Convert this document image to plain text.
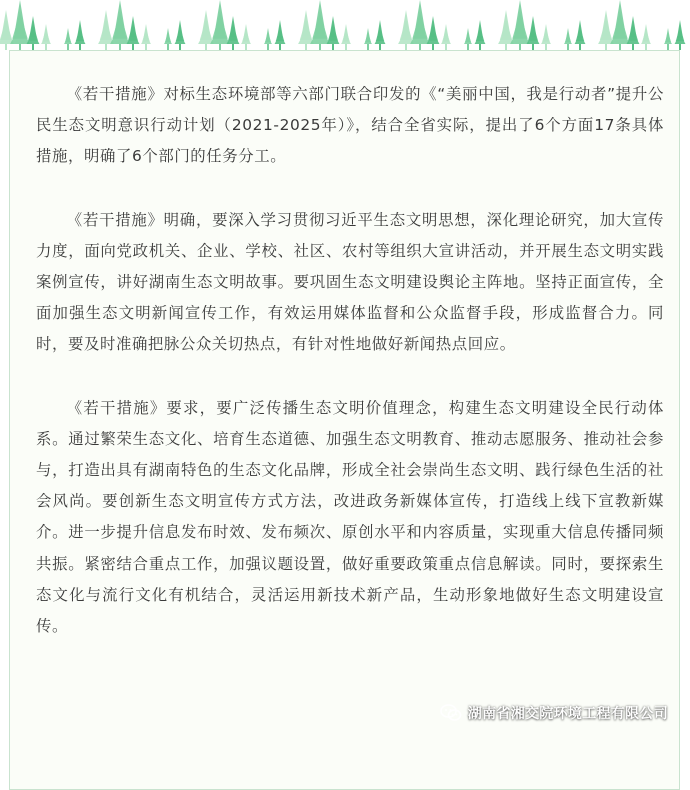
《若干措施》对标生态环境部等六部门联合印发的《“美丽中国，我是行动者”提升公民生态文明意识行动计划（2021-2025年）》，结合全省实际，提出了6个方面17条具体措施，明确了6个部门的任务分工。

《若干措施》明确，要深入学习贯彻习近平生态文明思想，深化理论研究，加大宣传力度，面向党政机关、企业、学校、社区、农村等组织大宣讲活动，并开展生态文明实践案例宣传，讲好湖南生态文明故事。要巩固生态文明建设舆论主阵地。坚持正面宣传，全面加强生态文明新闻宣传工作，有效运用媒体监督和公众监督手段，形成监督合力。同时，要及时准确把脉公众关切热点，有针对性地做好新闻热点回应。

《若干措施》要求，要广泛传播生态文明价值理念，构建生态文明建设全民行动体系。通过繁荣生态文化、培育生态道德、加强生态文明教育、推动志愿服务、推动社会参与，打造出具有湖南特色的生态文化品牌，形成全社会崇尚生态文明、践行绿色生活的社会风尚。要创新生态文明宣传方式方法，改进政务新媒体宣传，打造线上线下宣教新媒介。进一步提升信息发布时效、发布频次、原创水平和内容质量，实现重大信息传播同频共振。紧密结合重点工作，加强议题设置，做好重要政策重点信息解读。同时，要探索生态文化与流行文化有机结合，灵活运用新技术新产品，生动形象地做好生态文明建设宣传。

湖南省湘交院环境工程有限公司
